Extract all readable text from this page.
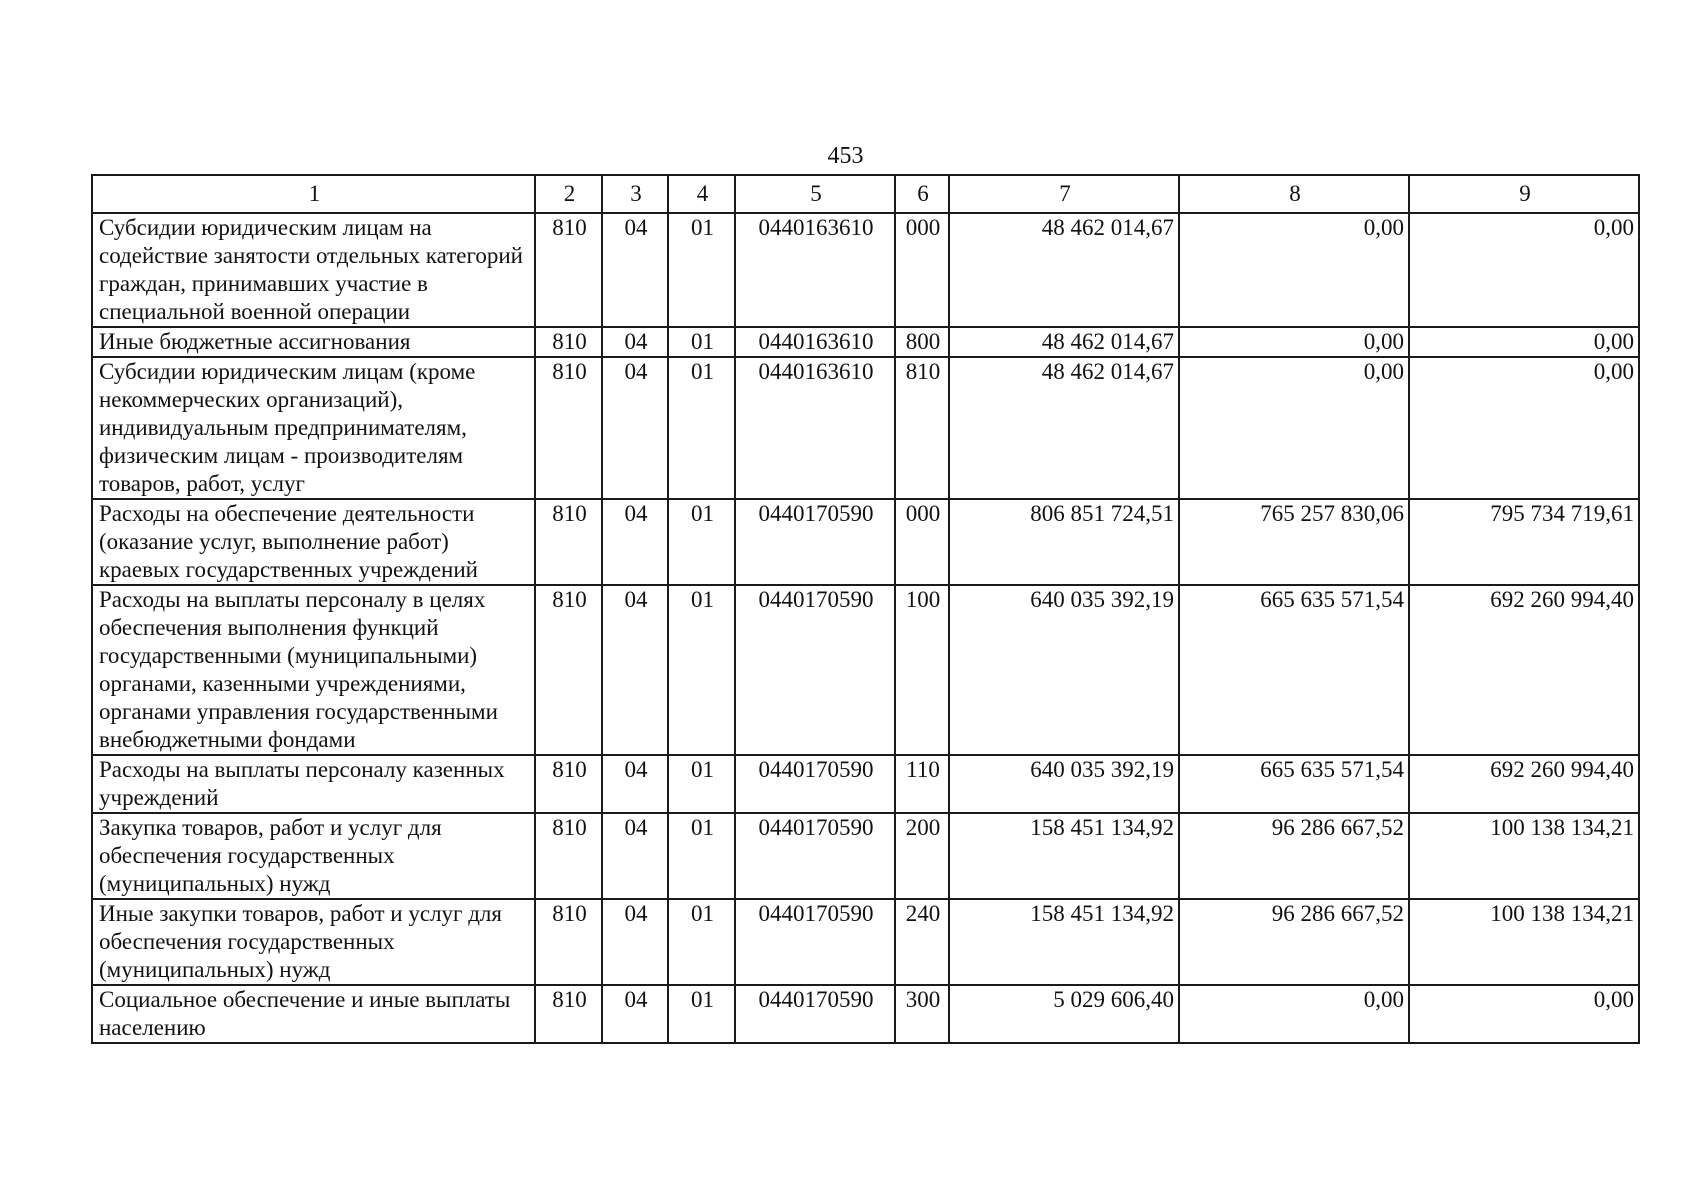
453
1	2	3	4	5	6	7	8	9
Субсидии юридическим лицам на содействие занятости отдельных категорий граждан, принимавших участие в специальной военной операции	810	04	01	0440163610	000	48 462 014,67	0,00	0,00
Иные бюджетные ассигнования	810	04	01	0440163610	800	48 462 014,67	0,00	0,00
Субсидии юридическим лицам (кроме некоммерческих организаций), индивидуальным предпринимателям, физическим лицам - производителям товаров, работ, услуг	810	04	01	0440163610	810	48 462 014,67	0,00	0,00
Расходы на обеспечение деятельности (оказание услуг, выполнение работ) краевых государственных учреждений	810	04	01	0440170590	000	806 851 724,51	765 257 830,06	795 734 719,61
Расходы на выплаты персоналу в целях обеспечения выполнения функций государственными (муниципальными) органами, казенными учреждениями, органами управления государственными внебюджетными фондами	810	04	01	0440170590	100	640 035 392,19	665 635 571,54	692 260 994,40
Расходы на выплаты персоналу казенных учреждений	810	04	01	0440170590	110	640 035 392,19	665 635 571,54	692 260 994,40
Закупка товаров, работ и услуг для обеспечения государственных (муниципальных) нужд	810	04	01	0440170590	200	158 451 134,92	96 286 667,52	100 138 134,21
Иные закупки товаров, работ и услуг для обеспечения государственных (муниципальных) нужд	810	04	01	0440170590	240	158 451 134,92	96 286 667,52	100 138 134,21
Социальное обеспечение и иные выплаты населению	810	04	01	0440170590	300	5 029 606,40	0,00	0,00
